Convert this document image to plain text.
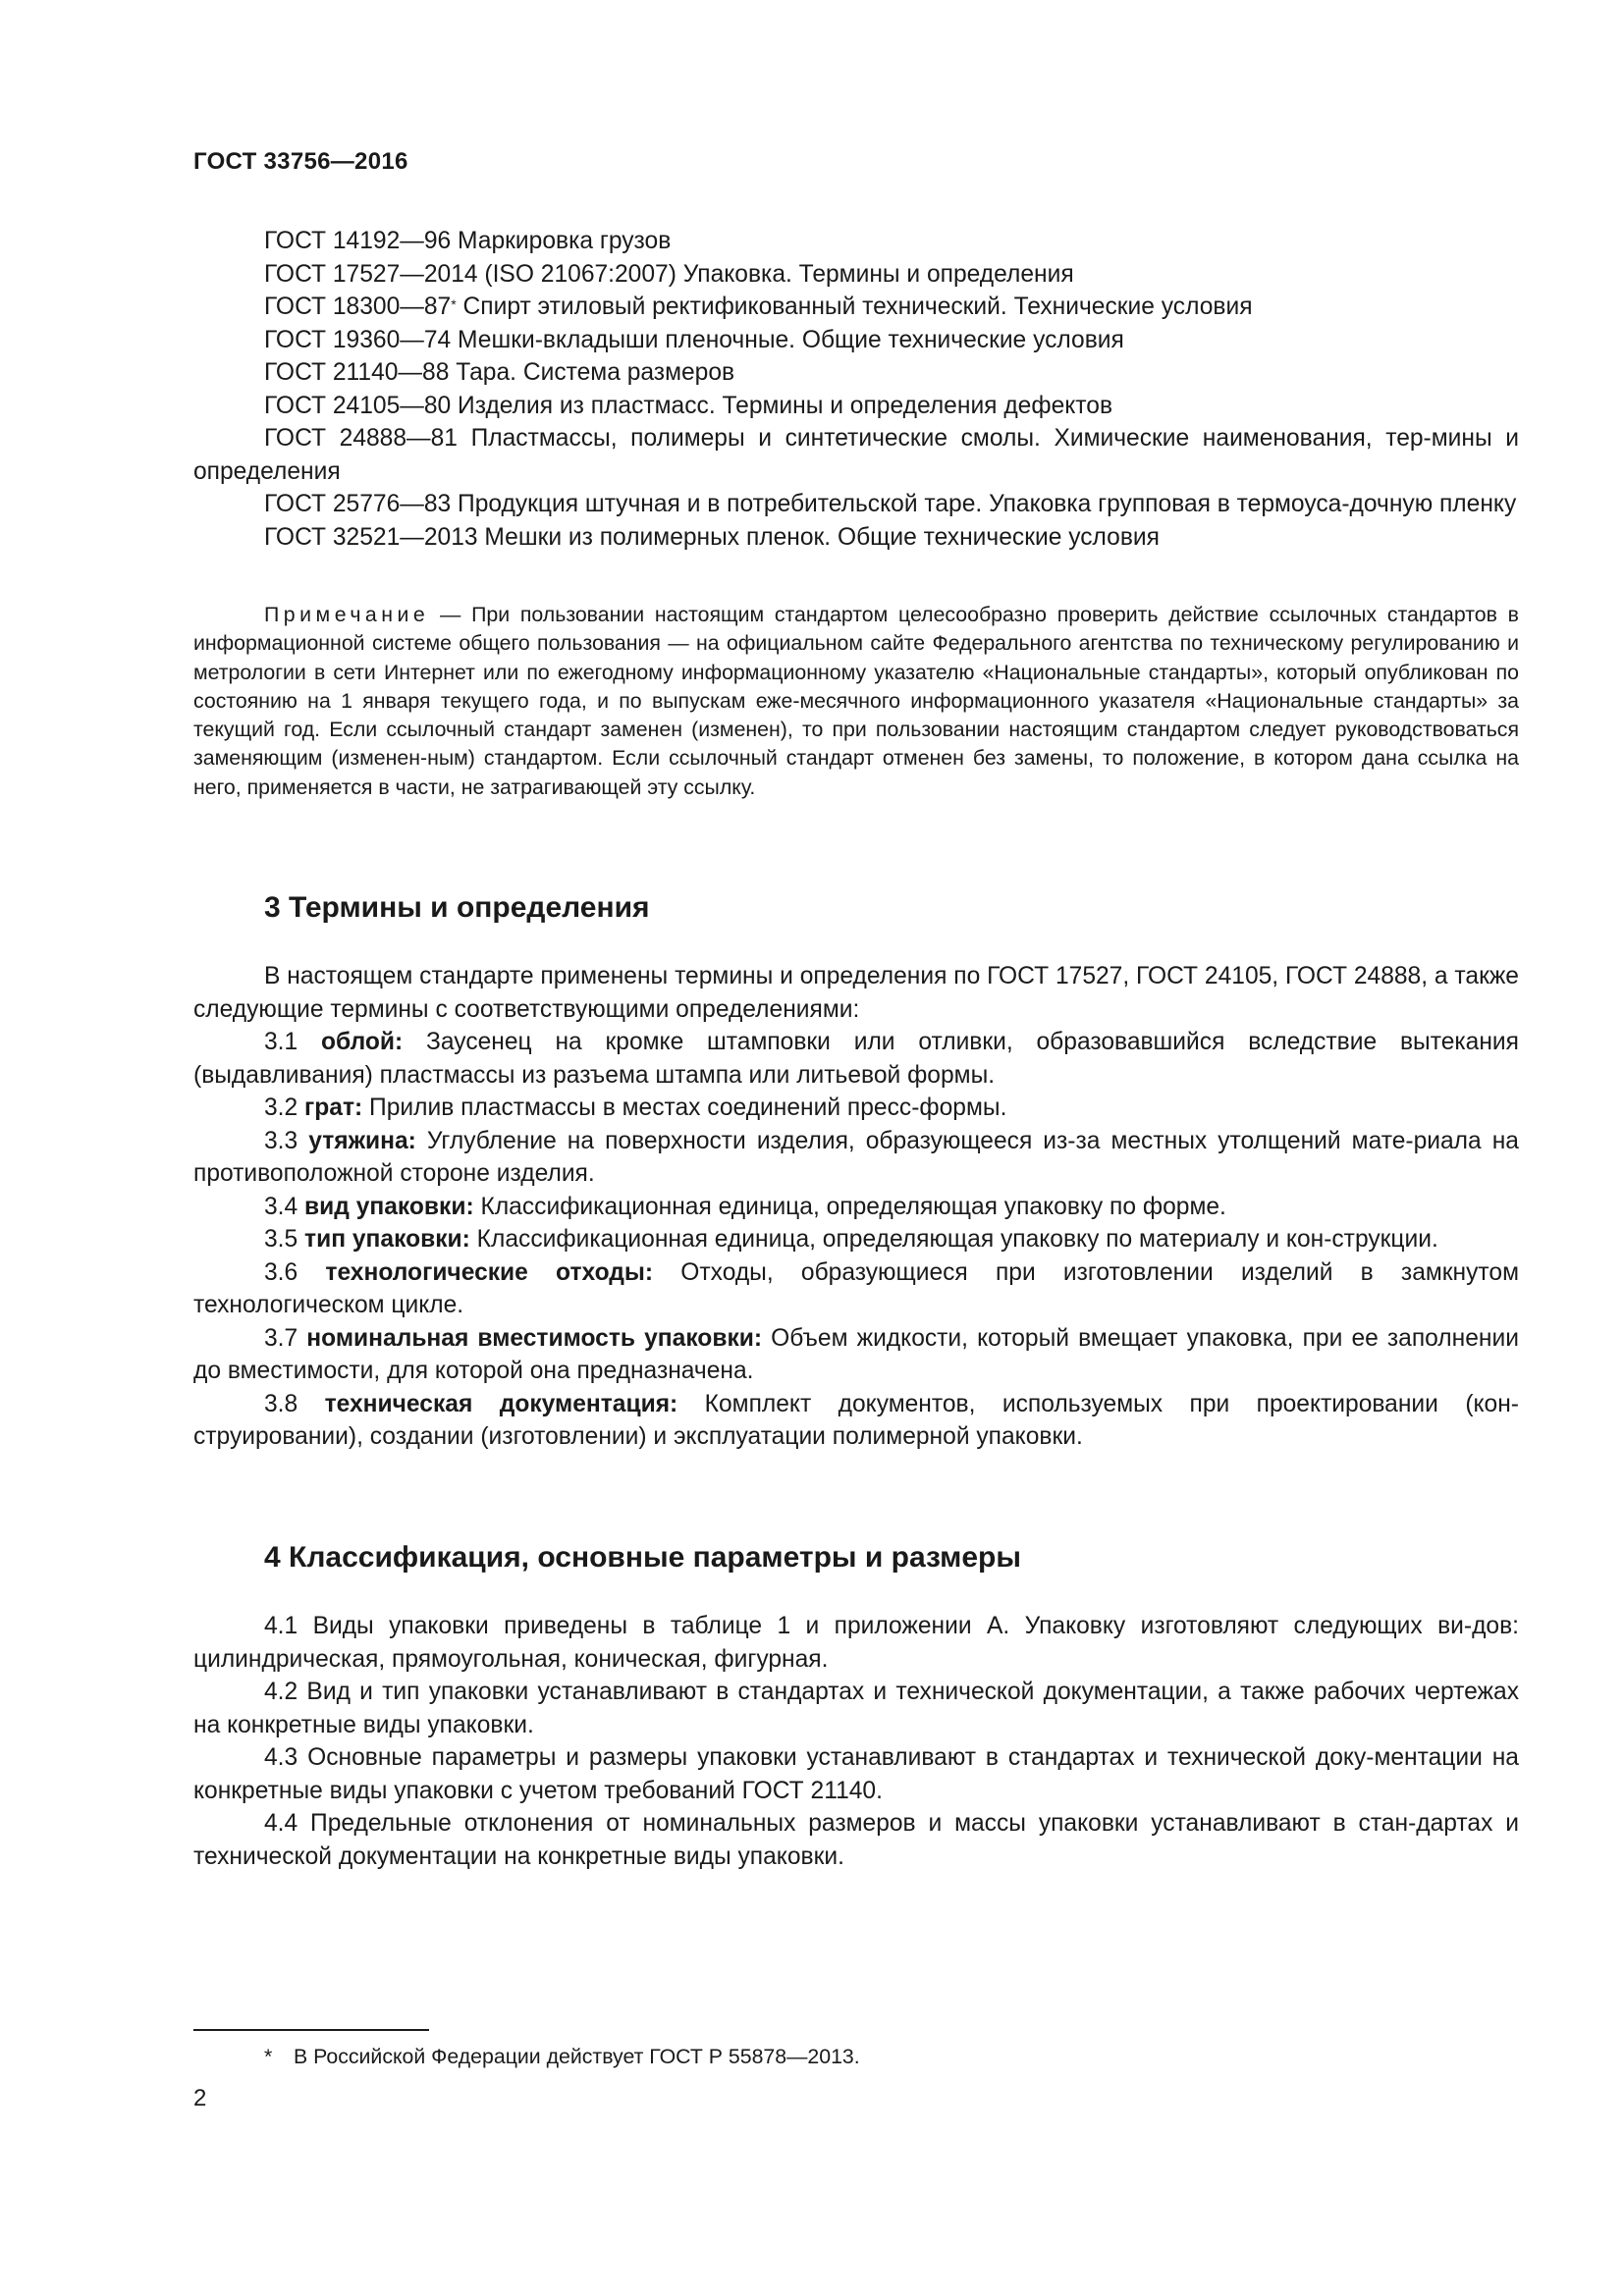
ГОСТ 33756—2016

ГОСТ 14192—96 Маркировка грузов

ГОСТ 17527—2014 (ISO 21067:2007) Упаковка. Термины и определения

ГОСТ 18300—87* Спирт этиловый ректификованный технический. Технические условия

ГОСТ 19360—74 Мешки-вкладыши пленочные. Общие технические условия

ГОСТ 21140—88 Тара. Система размеров

ГОСТ 24105—80 Изделия из пластмасс. Термины и определения дефектов

ГОСТ 24888—81 Пластмассы, полимеры и синтетические смолы. Химические наименования, тер-мины и определения

ГОСТ 25776—83 Продукция штучная и в потребительской таре. Упаковка групповая в термоуса-дочную пленку

ГОСТ 32521—2013 Мешки из полимерных пленок. Общие технические условия

Примечание — При пользовании настоящим стандартом целесообразно проверить действие ссылочных стандартов в информационной системе общего пользования — на официальном сайте Федерального агентства по техническому регулированию и метрологии в сети Интернет или по ежегодному информационному указателю «Национальные стандарты», который опубликован по состоянию на 1 января текущего года, и по выпускам еже-месячного информационного указателя «Национальные стандарты» за текущий год. Если ссылочный стандарт заменен (изменен), то при пользовании настоящим стандартом следует руководствоваться заменяющим (изменен-ным) стандартом. Если ссылочный стандарт отменен без замены, то положение, в котором дана ссылка на него, применяется в части, не затрагивающей эту ссылку.

3 Термины и определения

В настоящем стандарте применены термины и определения по ГОСТ 17527, ГОСТ 24105, ГОСТ 24888, а также следующие термины с соответствующими определениями:

3.1 облой: Заусенец на кромке штамповки или отливки, образовавшийся вследствие вытекания (выдавливания) пластмассы из разъема штампа или литьевой формы.

3.2 грат: Прилив пластмассы в местах соединений пресс-формы.

3.3 утяжина: Углубление на поверхности изделия, образующееся из-за местных утолщений мате-риала на противоположной стороне изделия.

3.4 вид упаковки: Классификационная единица, определяющая упаковку по форме.

3.5 тип упаковки: Классификационная единица, определяющая упаковку по материалу и кон-струкции.

3.6 технологические отходы: Отходы, образующиеся при изготовлении изделий в замкнутом технологическом цикле.

3.7 номинальная вместимость упаковки: Объем жидкости, который вмещает упаковка, при ее заполнении до вместимости, для которой она предназначена.

3.8 техническая документация: Комплект документов, используемых при проектировании (кон-струировании), создании (изготовлении) и эксплуатации полимерной упаковки.

4 Классификация, основные параметры и размеры

4.1 Виды упаковки приведены в таблице 1 и приложении А. Упаковку изготовляют следующих ви-дов: цилиндрическая, прямоугольная, коническая, фигурная.

4.2 Вид и тип упаковки устанавливают в стандартах и технической документации, а также рабочих чертежах на конкретные виды упаковки.

4.3 Основные параметры и размеры упаковки устанавливают в стандартах и технической доку-ментации на конкретные виды упаковки с учетом требований ГОСТ 21140.

4.4 Предельные отклонения от номинальных размеров и массы упаковки устанавливают в стан-дартах и технической документации на конкретные виды упаковки.

* В Российской Федерации действует ГОСТ Р 55878—2013.

2
